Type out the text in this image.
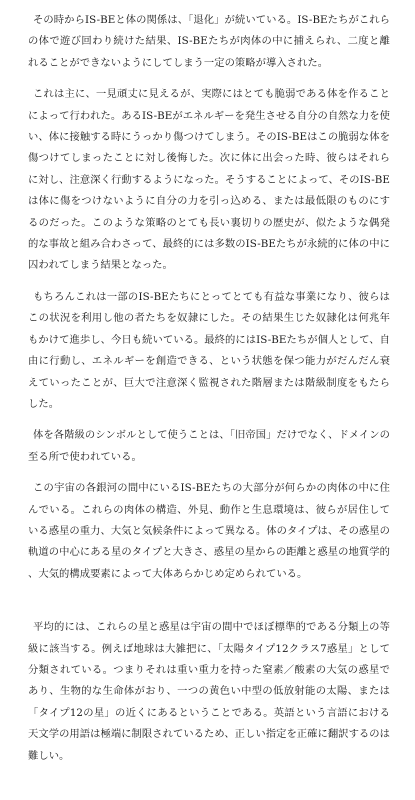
その時からIS-BEと体の関係は、「退化」が続いている。IS-BEたちがこれらの体で遊び回わり続けた結果、IS-BEたちが肉体の中に捕えられ、二度と離れることができないようにしてしまう一定の策略が導入された。

これは主に、一見頑丈に見えるが、実際にはとても脆弱である体を作ることによって行われた。あるIS-BEがエネルギーを発生させる自分の自然な力を使い、体に接触する時にうっかり傷つけてしまう。そのIS-BEはこの脆弱な体を傷つけてしまったことに対し後悔した。次に体に出会った時、彼らはそれらに対し、注意深く行動するようになった。そうすることによって、そのIS-BEは体に傷をつけないように自分の力を引っ込める、または最低限のものにするのだった。このような策略のとても長い裏切りの歴史が、似たような偶発的な事故と組み合わさって、最終的には多数のIS-BEたちが永続的に体の中に囚われてしまう結果となった。

もちろんこれは一部のIS-BEたちにとってとても有益な事業になり、彼らはこの状況を利用し他の者たちを奴隷にした。その結果生じた奴隷化は何兆年もかけて進歩し、今日も続いている。最終的にはIS-BEたちが個人として、自由に行動し、エネルギーを創造できる、という状態を保つ能力がだんだん衰えていったことが、巨大で注意深く監視された階層または階級制度をもたらした。

体を各階級のシンボルとして使うことは、「旧帝国」だけでなく、ドメインの至る所で使われている。

この宇宙の各銀河の間中にいるIS-BEたちの大部分が何らかの肉体の中に住んでいる。これらの肉体の構造、外見、動作と生息環境は、彼らが居住している惑星の重力、大気と気候条件によって異なる。体のタイプは、その惑星の軌道の中心にある星のタイプと大きさ、惑星の星からの距離と惑星の地質学的、大気的構成要素によって大体あらかじめ定められている。

平均的には、これらの星と惑星は宇宙の間中でほぼ標準的である分類上の等級に該当する。例えば地球は大雑把に、「太陽タイプ12クラス7惑星」として分類されている。つまりそれは重い重力を持った窒素／酸素の大気の惑星であり、生物的な生命体がおり、一つの黄色い中型の低放射能の太陽、または「タイプ12の星」の近くにあるということである。英語という言語における天文学の用語は極端に制限されているため、正しい指定を正確に翻訳するのは難しい。
